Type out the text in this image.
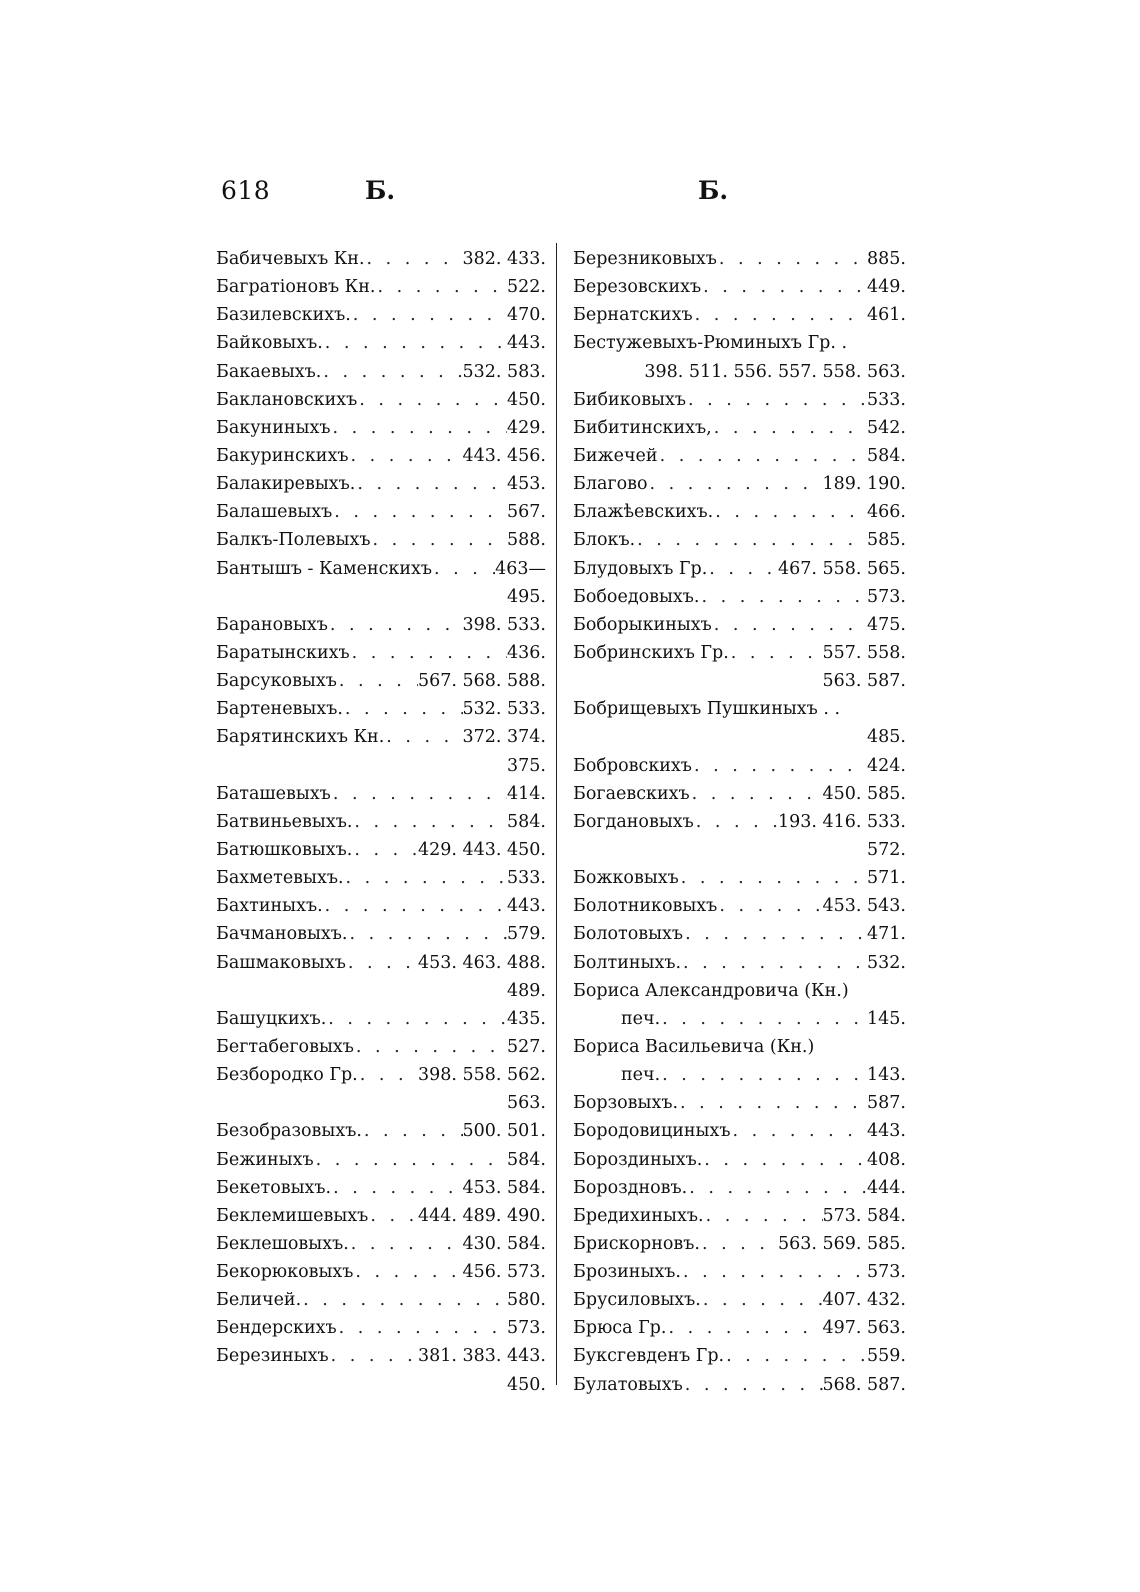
618	Б.	Б.
Бабичевыхъ Кн. . . .	382. 433.
Багратіоновъ Кн. . . .	522.
Базилевскихъ. . . .	470.
Байковыхъ. . . .	443.
Бакаевыхъ. . . .	532. 583.
Баклановскихъ . . .	450.
Бакуниныхъ . . .	429.
Бакуринскихъ . . .	443. 456.
Балакиревыхъ. . . .	453.
Балашевыхъ . . .	567.
Балкъ-Полевыхъ . . .	588.
Бантышъ - Каменскихъ . . .	463—
495.
Барановыхъ . . .	398. 533.
Баратынскихъ . . .	436.
Барсуковыхъ . . .	567. 568. 588.
Бартеневыхъ. . . .	532. 533.
Барятинскихъ Кн. . . .	372. 374.
375.
Баташевыхъ . . .	414.
Батвиньевыхъ. . . .	584.
Батюшковыхъ. . . .	429. 443. 450.
Бахметевыхъ. . . .	533.
Бахтиныхъ. . . .	443.
Бачмановыхъ. . . .	579.
Башмаковыхъ . . .	453. 463. 488.
489.
Башуцкихъ. . . .	435.
Бегтабеговыхъ . . .	527.
Безбородко Гр. . . .	398. 558. 562.
563.
Безобразовыхъ. . . .	500. 501.
Бежиныхъ . . .	584.
Бекетовыхъ. . . .	453. 584.
Беклемишевыхъ . . .	444. 489. 490.
Беклешовыхъ. . . .	430. 584.
Бекорюковыхъ . . .	456. 573.
Беличей. . . .	580.
Бендерскихъ . . .	573.
Березиныхъ . . .	381. 383. 443.
450.
Березниковыхъ . . .	885.
Березовскихъ . . .	449.
Бернатскихъ . . .	461.
Бестужевыхъ-Рюминыхъ Гр. .
398. 511. 556. 557. 558. 563.
Бибиковыхъ . . .	533.
Бибитинскихъ, . . .	542.
Бижечей . . .	584.
Благово . . .	189. 190.
Блажѣевскихъ. . . .	466.
Блокъ. . . .	585.
Блудовыхъ Гр. . . .	467. 558. 565.
Бобоедовыхъ. . . .	573.
Боборыкиныхъ . . .	475.
Бобринскихъ Гр. . . .	557. 558.
563. 587.
Бобрищевыхъ Пушкиныхъ . .
485.
Бобровскихъ . . .	424.
Богаевскихъ . . .	450. 585.
Богдановыхъ . . .	193. 416. 533.
572.
Божковыхъ . . .	571.
Болотниковыхъ . . .	453. 543.
Болотовыхъ . . .	471.
Болтиныхъ. . . .	532.
Бориса Александровича (Кн.)
печ. . . .	145.
Бориса Васильевича (Кн.)
печ. . . .	143.
Борзовыхъ. . . .	587.
Бородовициныхъ . . .	443.
Бороздиныхъ. . . .	408.
Бороздновъ. . . .	444.
Бредихиныхъ. . . .	573. 584.
Брискорновъ. . . .	563. 569. 585.
Брозиныхъ. . . .	573.
Брусиловыхъ. . . .	407. 432.
Брюса Гр. . . .	497. 563.
Буксгевденъ Гр. . . .	559.
Булатовыхъ . . .	568. 587.
